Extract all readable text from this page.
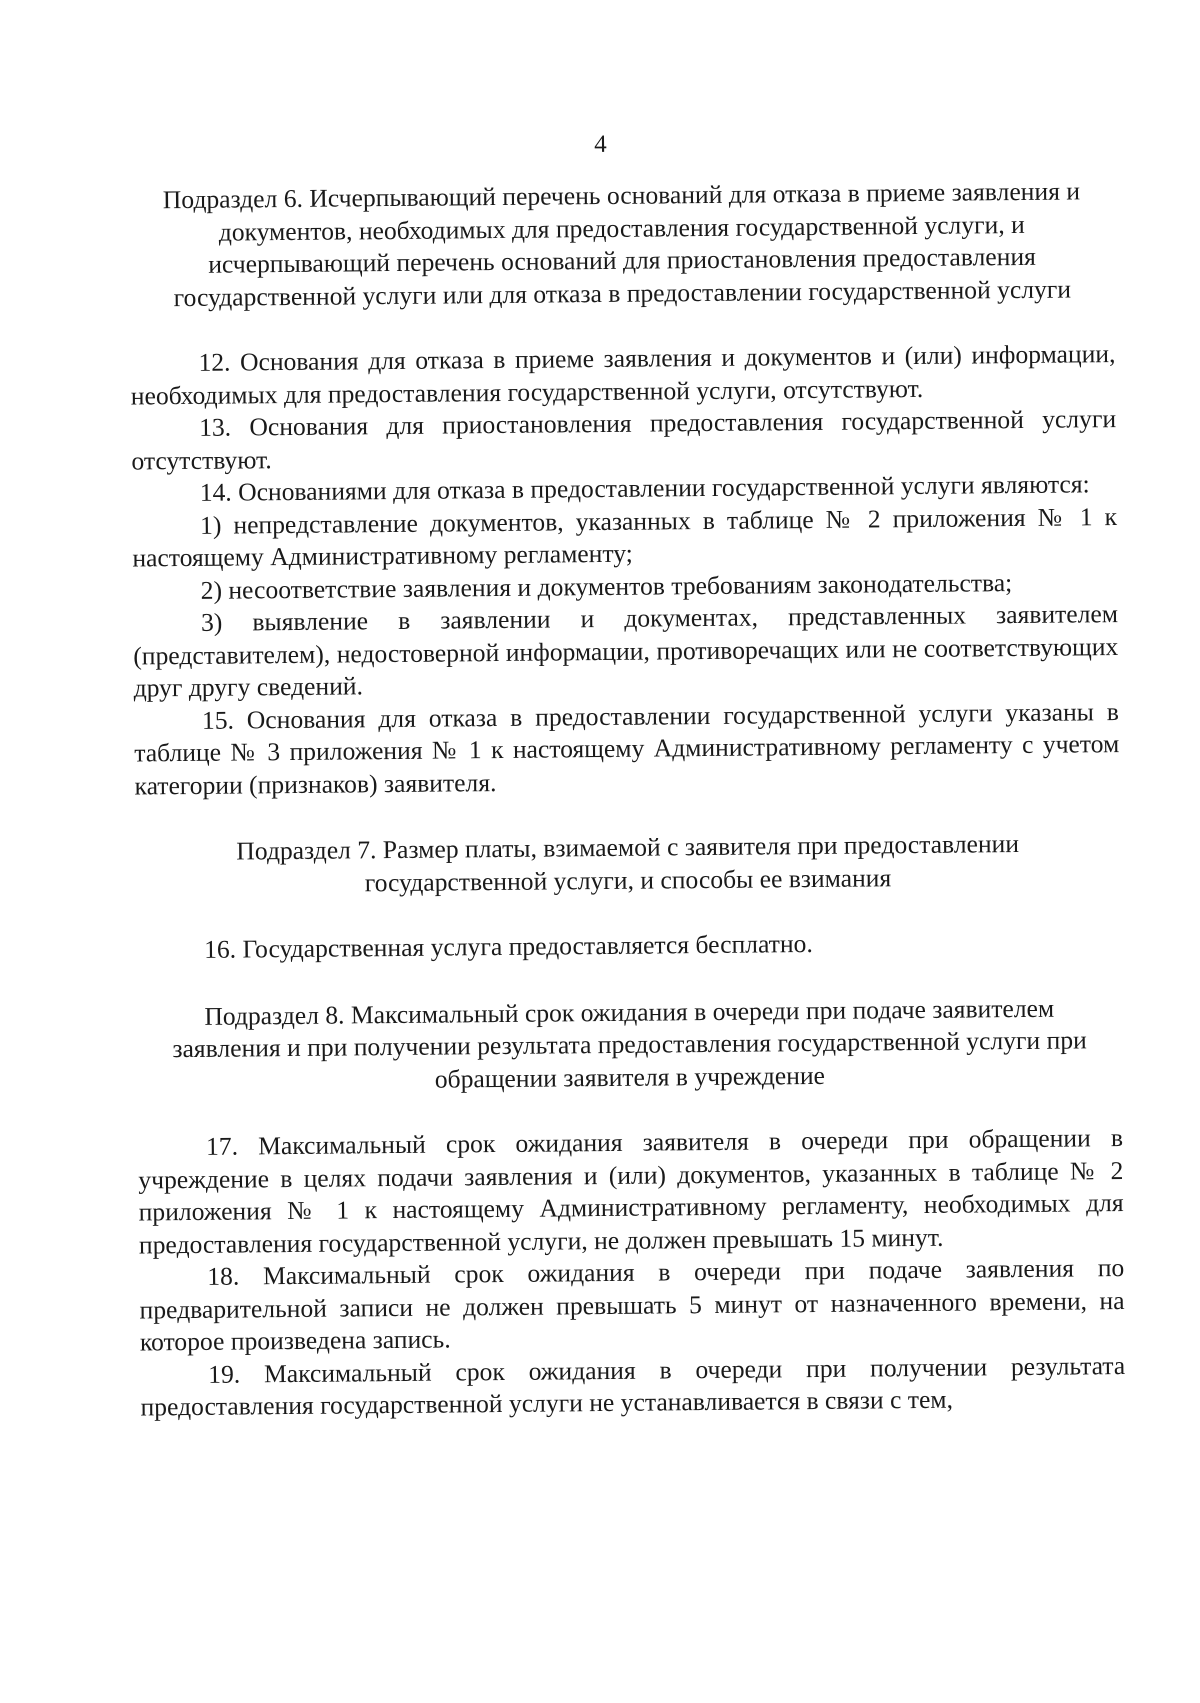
4

Подраздел 6. Исчерпывающий перечень оснований для отказа в приеме заявления и документов, необходимых для предоставления государственной услуги, и исчерпывающий перечень оснований для приостановления предоставления государственной услуги или для отказа в предоставлении государственной услуги

12. Основания для отказа в приеме заявления и документов и (или) информации, необходимых для предоставления государственной услуги, отсутствуют.

13. Основания для приостановления предоставления государственной услуги отсутствуют.

14. Основаниями для отказа в предоставлении государственной услуги являются:

1) непредставление документов, указанных в таблице № 2 приложения № 1 к настоящему Административному регламенту;

2) несоответствие заявления и документов требованиям законодательства;

3) выявление в заявлении и документах, представленных заявителем (представителем), недостоверной информации, противоречащих или не соответствующих друг другу сведений.

15. Основания для отказа в предоставлении государственной услуги указаны в таблице № 3 приложения № 1 к настоящему Административному регламенту с учетом категории (признаков) заявителя.

Подраздел 7. Размер платы, взимаемой с заявителя при предоставлении государственной услуги, и способы ее взимания

16. Государственная услуга предоставляется бесплатно.

Подраздел 8. Максимальный срок ожидания в очереди при подаче заявителем заявления и при получении результата предоставления государственной услуги при обращении заявителя в учреждение

17. Максимальный срок ожидания заявителя в очереди при обращении в учреждение в целях подачи заявления и (или) документов, указанных в таблице № 2 приложения № 1 к настоящему Административному регламенту, необходимых для предоставления государственной услуги, не должен превышать 15 минут.

18. Максимальный срок ожидания в очереди при подаче заявления по предварительной записи не должен превышать 5 минут от назначенного времени, на которое произведена запись.

19. Максимальный срок ожидания в очереди при получении результата предоставления государственной услуги не устанавливается в связи с тем,
